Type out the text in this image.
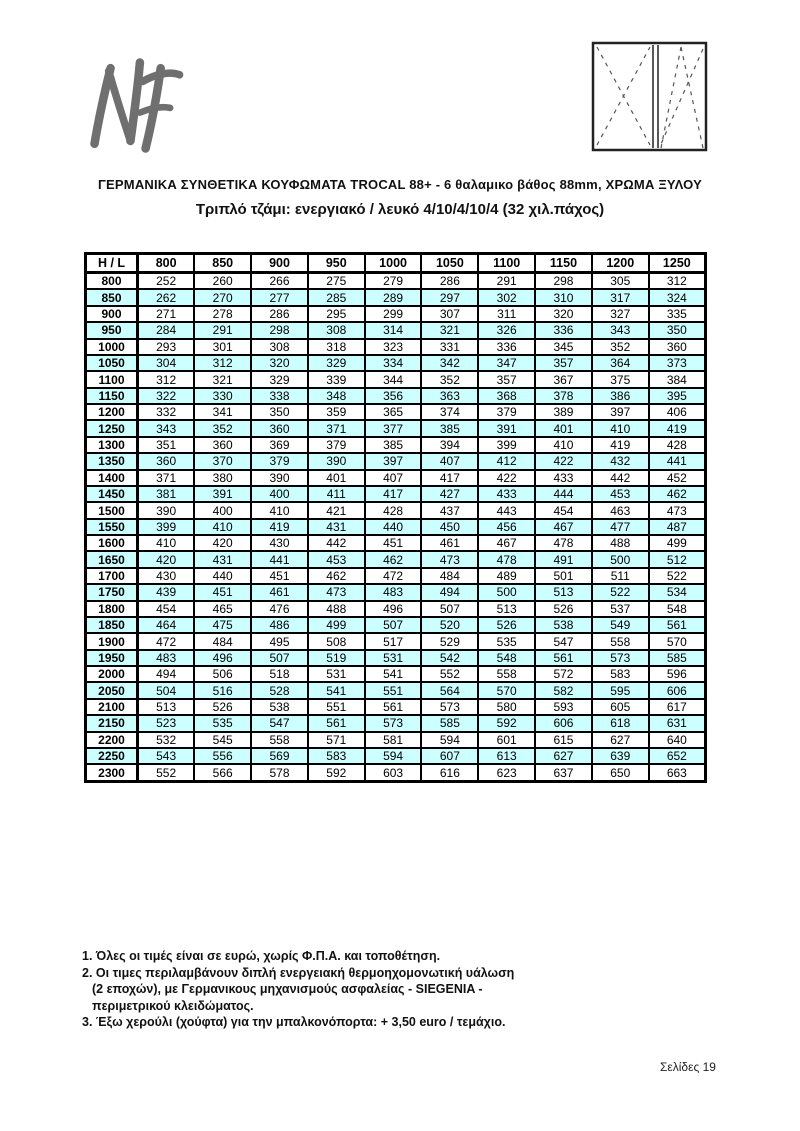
ΓΕΡΜΑΝΙΚΑ ΣΥΝΘΕΤΙΚΑ ΚΟΥΦΩΜΑΤΑ TROCAL 88+ - 6 θαλαμικο βάθος 88mm, ΧΡΩΜΑ ΞΥΛΟΥ
Τριπλό τζάμι: ενεργιακό / λευκό 4/10/4/10/4 (32 χιλ.πάχος)
H / L	800	850	900	950	1000	1050	1100	1150	1200	1250
800	252	260	266	275	279	286	291	298	305	312
850	262	270	277	285	289	297	302	310	317	324
900	271	278	286	295	299	307	311	320	327	335
950	284	291	298	308	314	321	326	336	343	350
1000	293	301	308	318	323	331	336	345	352	360
1050	304	312	320	329	334	342	347	357	364	373
1100	312	321	329	339	344	352	357	367	375	384
1150	322	330	338	348	356	363	368	378	386	395
1200	332	341	350	359	365	374	379	389	397	406
1250	343	352	360	371	377	385	391	401	410	419
1300	351	360	369	379	385	394	399	410	419	428
1350	360	370	379	390	397	407	412	422	432	441
1400	371	380	390	401	407	417	422	433	442	452
1450	381	391	400	411	417	427	433	444	453	462
1500	390	400	410	421	428	437	443	454	463	473
1550	399	410	419	431	440	450	456	467	477	487
1600	410	420	430	442	451	461	467	478	488	499
1650	420	431	441	453	462	473	478	491	500	512
1700	430	440	451	462	472	484	489	501	511	522
1750	439	451	461	473	483	494	500	513	522	534
1800	454	465	476	488	496	507	513	526	537	548
1850	464	475	486	499	507	520	526	538	549	561
1900	472	484	495	508	517	529	535	547	558	570
1950	483	496	507	519	531	542	548	561	573	585
2000	494	506	518	531	541	552	558	572	583	596
2050	504	516	528	541	551	564	570	582	595	606
2100	513	526	538	551	561	573	580	593	605	617
2150	523	535	547	561	573	585	592	606	618	631
2200	532	545	558	571	581	594	601	615	627	640
2250	543	556	569	583	594	607	613	627	639	652
2300	552	566	578	592	603	616	623	637	650	663
1. Όλες οι τιμές είναι σε ευρώ, χωρίς Φ.Π.Α. και τοποθέτηση.
2. Οι τιμες περιλαμβάνουν διπλή ενεργειακή θερμοηχομονωτική υάλωση
(2 εποχών), με Γερμανικους μηχανισμούς ασφαλείας - SIEGENIA -
περιμετρικού κλειδώματος.
3. Έξω χερούλι (χούφτα) για την μπαλκονόπορτα: + 3,50 euro / τεμάχιο.
Σελίδες 19
